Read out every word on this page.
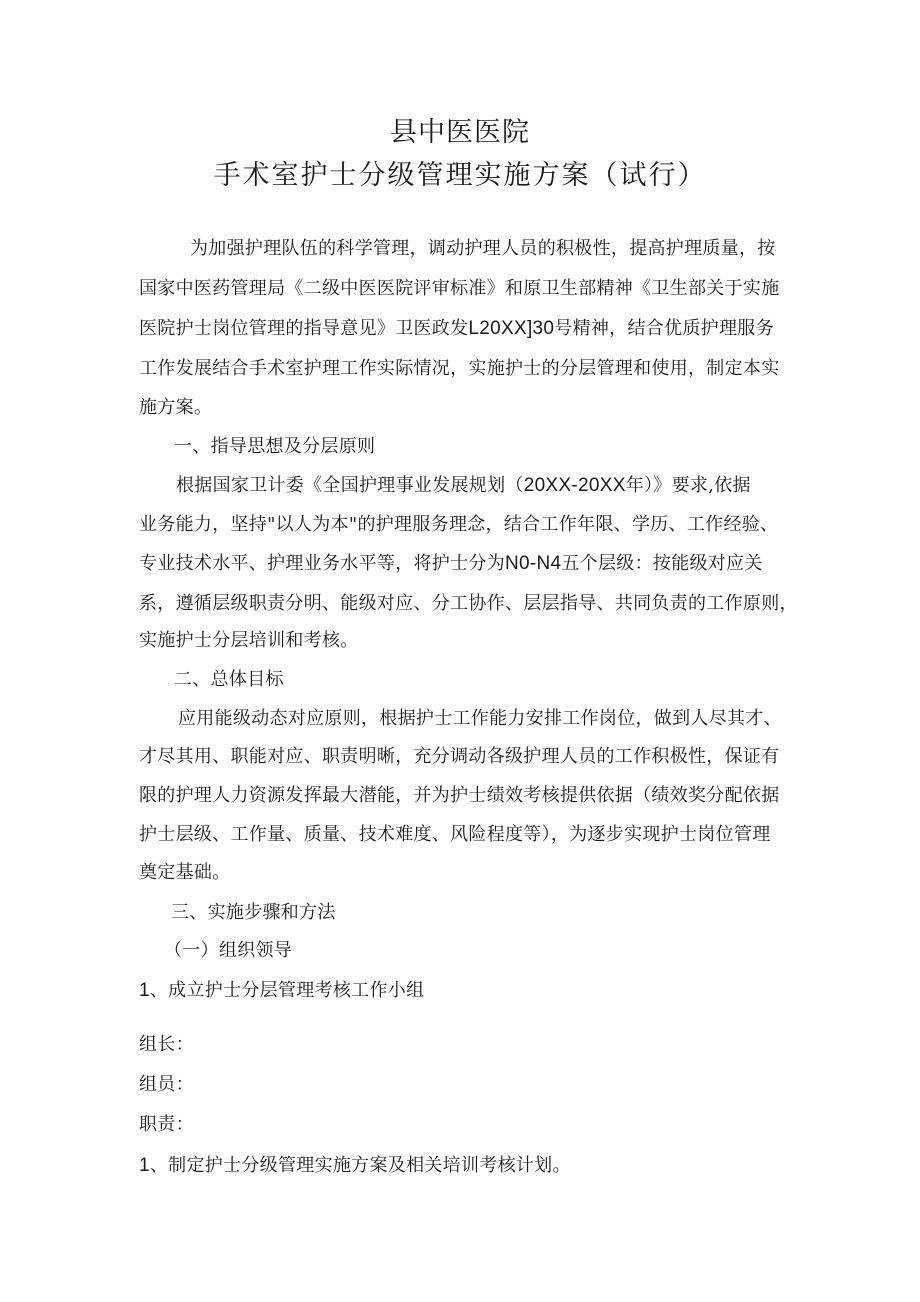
县中医医院
手术室护士分级管理实施方案（试行）
为加强护理队伍的科学管理，调动护理人员的积极性，提高护理质量，按
国家中医药管理局《二级中医医院评审标准》和原卫生部精神《卫生部关于实施
医院护士岗位管理的指导意见》卫医政发L20XX]30号精神，结合优质护理服务
工作发展结合手术室护理工作实际情况，实施护士的分层管理和使用，制定本实
施方案。
一、指导思想及分层原则
根据国家卫计委《全国护理事业发展规划（20XX-20XX年）》要求,依据
业务能力，坚持"以人为本"的护理服务理念，结合工作年限、学历、工作经验、
专业技术水平、护理业务水平等，将护士分为N0-N4五个层级：按能级对应关
系，遵循层级职责分明、能级对应、分工协作、层层指导、共同负责的工作原则，
实施护士分层培训和考核。
二、总体目标
应用能级动态对应原则，根据护士工作能力安排工作岗位，做到人尽其才、
才尽其用、职能对应、职责明晰，充分调动各级护理人员的工作积极性，保证有
限的护理人力资源发挥最大潜能，并为护士绩效考核提供依据（绩效奖分配依据
护士层级、工作量、质量、技术难度、风险程度等），为逐步实现护士岗位管理
奠定基础。
三、实施步骤和方法
（一）组织领导
1、成立护士分层管理考核工作小组
组长：
组员：
职责：
1、制定护士分级管理实施方案及相关培训考核计划。
